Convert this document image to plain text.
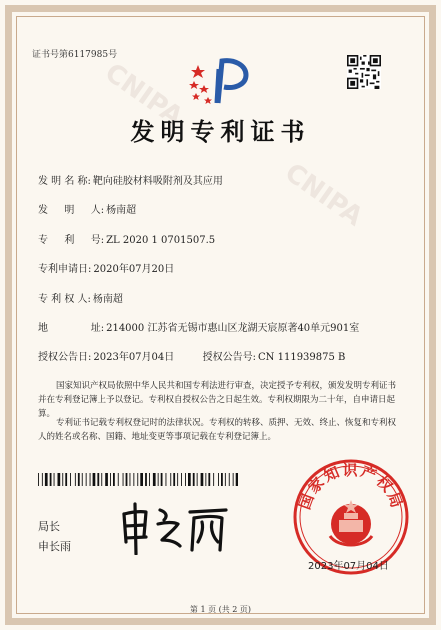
CNIPA
CNIPA
证书号第6117985号
发明专利证书
发 明 名 称: 靶向硅胶材料吸附剂及其应用
发 　 明 　 人: 杨南超
专 　 利 　 号: ZL 2020 1 0701507.5
专利申请日: 2020年07月20日
专 利 权 人: 杨南超
地 　 　 　 址: 214000 江苏省无锡市惠山区龙湖天宸原著40单元901室
授权公告日: 2023年07月04日	授权公告号: CN 111939875 B
国家知识产权局依照中华人民共和国专利法进行审查，决定授予专利权，颁发发明专利证书并在专利登记簿上予以登记。专利权自授权公告之日起生效。专利权期限为二十年，自申请日起算。
专利证书记载专利权登记时的法律状况。专利权的转移、质押、无效、终止、恢复和专利权人的姓名或名称、国籍、地址变更等事项记载在专利登记簿上。
局长
申长雨
国家知识产权局
2023年07月04日
第 1 页 (共 2 页)
